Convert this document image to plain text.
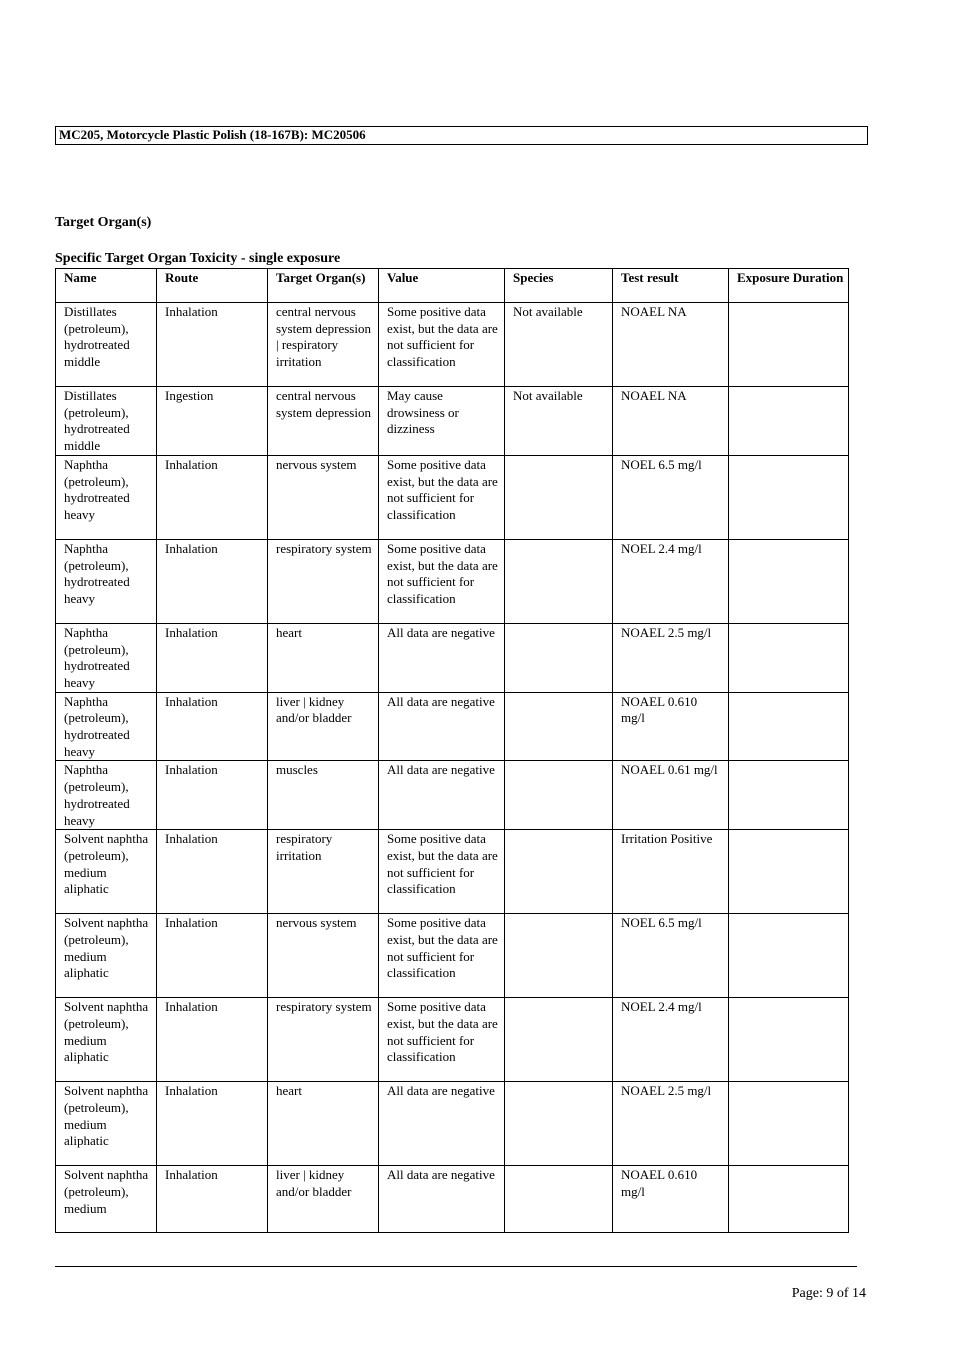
MC205, Motorcycle Plastic Polish (18-167B): MC20506
Target Organ(s)
Specific Target Organ Toxicity - single exposure
Name	Route	Target Organ(s)	Value	Species	Test result	Exposure Duration
Distillates (petroleum), hydrotreated middle	Inhalation	central nervous system depression | respiratory irritation	Some positive data exist, but the data are not sufficient for classification	Not available	NOAEL NA	
Distillates (petroleum), hydrotreated middle	Ingestion	central nervous system depression	May cause drowsiness or dizziness	Not available	NOAEL NA	
Naphtha (petroleum), hydrotreated heavy	Inhalation	nervous system	Some positive data exist, but the data are not sufficient for classification		NOEL 6.5 mg/l	
Naphtha (petroleum), hydrotreated heavy	Inhalation	respiratory system	Some positive data exist, but the data are not sufficient for classification		NOEL 2.4 mg/l	
Naphtha (petroleum), hydrotreated heavy	Inhalation	heart	All data are negative		NOAEL 2.5 mg/l	
Naphtha (petroleum), hydrotreated heavy	Inhalation	liver | kidney and/or bladder	All data are negative		NOAEL 0.610 mg/l	
Naphtha (petroleum), hydrotreated heavy	Inhalation	muscles	All data are negative		NOAEL 0.61 mg/l	
Solvent naphtha (petroleum), medium aliphatic	Inhalation	respiratory irritation	Some positive data exist, but the data are not sufficient for classification		Irritation Positive	
Solvent naphtha (petroleum), medium aliphatic	Inhalation	nervous system	Some positive data exist, but the data are not sufficient for classification		NOEL 6.5 mg/l	
Solvent naphtha (petroleum), medium aliphatic	Inhalation	respiratory system	Some positive data exist, but the data are not sufficient for classification		NOEL 2.4 mg/l	
Solvent naphtha (petroleum), medium aliphatic	Inhalation	heart	All data are negative		NOAEL 2.5 mg/l	
Solvent naphtha (petroleum), medium	Inhalation	liver | kidney and/or bladder	All data are negative		NOAEL 0.610 mg/l	
Page: 9 of 14
